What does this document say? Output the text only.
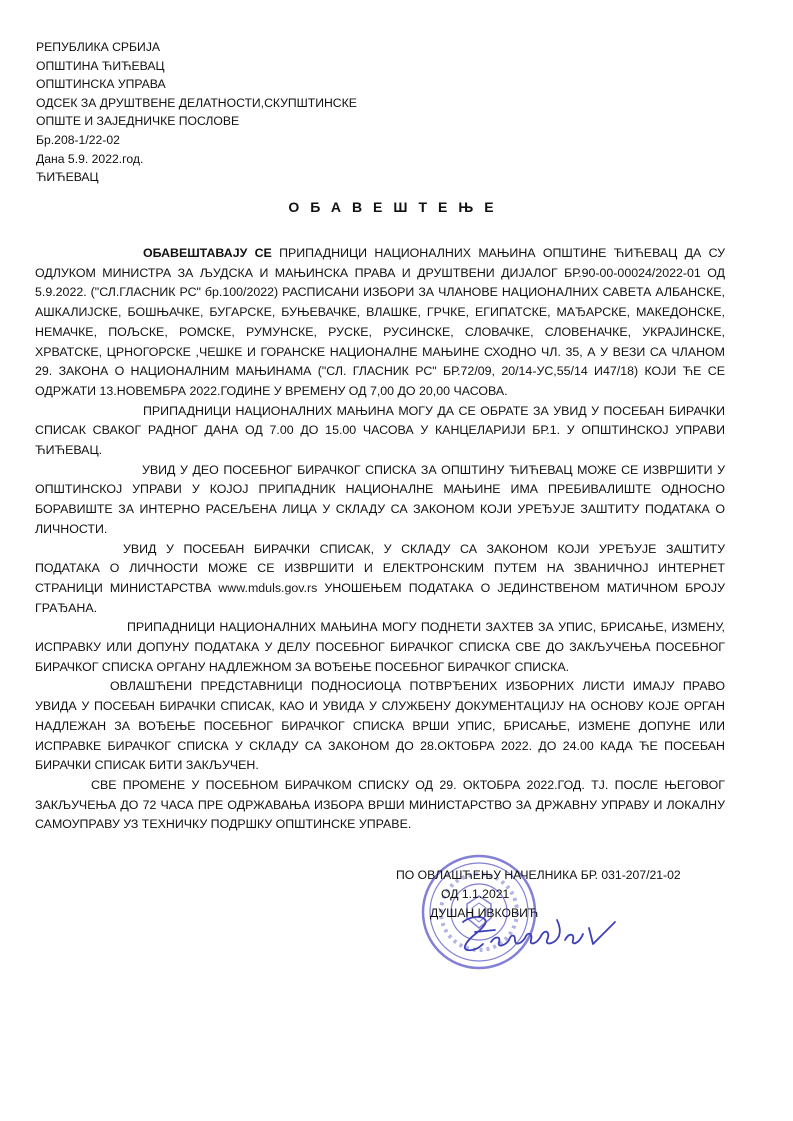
РЕПУБЛИКА СРБИЈА
ОПШТИНА ЋИЋЕВАЦ
ОПШТИНСКА УПРАВА
ОДСЕК ЗА ДРУШТВЕНЕ ДЕЛАТНОСТИ,СКУПШТИНСКЕ
ОПШТЕ И ЗАЈЕДНИЧКЕ ПОСЛОВЕ
Бр.208-1/22-02
Дана 5.9. 2022.год.
ЋИЋЕВАЦ
ОБАВЕШТЕЊЕ

ОБАВЕШТАВАЈУ СЕ ПРИПАДНИЦИ НАЦИОНАЛНИХ МАЊИНА ОПШТИНЕ ЋИЋЕВАЦ ДА СУ ОДЛУКОМ МИНИСТРА ЗА ЉУДСКА И МАЊИНСКА ПРАВА И ДРУШТВЕНИ ДИЈАЛОГ БР.90-00-00024/2022-01 ОД 5.9.2022. ("СЛ.ГЛАСНИК РС" бр.100/2022) РАСПИСАНИ ИЗБОРИ ЗА ЧЛАНОВЕ НАЦИОНАЛНИХ САВЕТА АЛБАНСКЕ, АШКАЛИЈСКЕ, БОШЊАЧКЕ, БУГАРСКЕ, БУЊЕВАЧКЕ, ВЛАШКЕ, ГРЧКЕ, ЕГИПАТСКЕ, МАЂАРСКЕ, МАКЕДОНСКЕ, НЕМАЧКЕ, ПОЉСКЕ, РОМСКЕ, РУМУНСКЕ, РУСКЕ, РУСИНСКЕ, СЛОВАЧКЕ, СЛОВЕНАЧКЕ, УКРАЈИНСКЕ, ХРВАТСКЕ, ЦРНОГОРСКЕ ,ЧЕШКЕ И ГОРАНСКЕ НАЦИОНАЛНЕ МАЊИНЕ СХОДНО ЧЛ. 35, А У ВЕЗИ СА ЧЛАНОМ 29. ЗАКОНА О НАЦИОНАЛНИМ МАЊИНАМА ("СЛ. ГЛАСНИК РС" БР.72/09, 20/14-УС,55/14 И47/18) КОЈИ ЋЕ СЕ ОДРЖАТИ 13.НОВЕМБРА 2022.ГОДИНЕ У ВРЕМЕНУ ОД 7,00 ДО 20,00 ЧАСОВА.

ПРИПАДНИЦИ НАЦИОНАЛНИХ МАЊИНА МОГУ ДА СЕ ОБРАТЕ ЗА УВИД У ПОСЕБАН БИРАЧКИ СПИСАК СВАКОГ РАДНОГ ДАНА ОД 7.00 ДО 15.00 ЧАСОВА У КАНЦЕЛАРИЈИ БР.1. У ОПШТИНСКОЈ УПРАВИ ЋИЋЕВАЦ.

УВИД У ДЕО ПОСЕБНОГ БИРАЧКОГ СПИСКА ЗА ОПШТИНУ ЋИЋЕВАЦ МОЖЕ СЕ ИЗВРШИТИ У ОПШТИНСКОЈ УПРАВИ У КОЈОЈ ПРИПАДНИК НАЦИОНАЛНЕ МАЊИНЕ ИМА ПРЕБИВАЛИШТЕ ОДНОСНО БОРАВИШТЕ ЗА ИНТЕРНО РАСЕЉЕНА ЛИЦА У СКЛАДУ СА ЗАКОНОМ КОЈИ УРЕЂУЈЕ ЗАШТИТУ ПОДАТАКА О ЛИЧНОСТИ.

УВИД У ПОСЕБАН БИРАЧКИ СПИСАК, У СКЛАДУ СА ЗАКОНОМ КОЈИ УРЕЂУЈЕ ЗАШТИТУ ПОДАТАКА О ЛИЧНОСТИ МОЖЕ СЕ ИЗВРШИТИ И ЕЛЕКТРОНСКИМ ПУТЕМ НА ЗВАНИЧНОЈ ИНТЕРНЕТ СТРАНИЦИ МИНИСТАРСТВА www.mduls.gov.rs УНОШЕЊЕМ ПОДАТАКА О ЈЕДИНСТВЕНОМ МАТИЧНОМ БРОЈУ ГРАЂАНА.

ПРИПАДНИЦИ НАЦИОНАЛНИХ МАЊИНА МОГУ ПОДНЕТИ ЗАХТЕВ ЗА УПИС, БРИСАЊЕ, ИЗМЕНУ, ИСПРАВКУ ИЛИ ДОПУНУ ПОДАТАКА У ДЕЛУ ПОСЕБНОГ БИРАЧКОГ СПИСКА СВЕ ДО ЗАКЉУЧЕЊА ПОСЕБНОГ БИРАЧКОГ СПИСКА ОРГАНУ НАДЛЕЖНОМ ЗА ВОЂЕЊЕ ПОСЕБНОГ БИРАЧКОГ СПИСКА.

ОВЛАШЋЕНИ ПРЕДСТАВНИЦИ ПОДНОСИОЦА ПОТВРЂЕНИХ ИЗБОРНИХ ЛИСТИ ИМАЈУ ПРАВО УВИДА У ПОСЕБАН БИРАЧКИ СПИСАК, КАО И УВИДА У СЛУЖБЕНУ ДОКУМЕНТАЦИЈУ НА ОСНОВУ КОЈЕ ОРГАН НАДЛЕЖАН ЗА ВОЂЕЊЕ ПОСЕБНОГ БИРАЧКОГ СПИСКА ВРШИ УПИС, БРИСАЊЕ, ИЗМЕНЕ ДОПУНЕ ИЛИ ИСПРАВКЕ БИРАЧКОГ СПИСКА У СКЛАДУ СА ЗАКОНОМ ДО 28.ОКТОБРА 2022. ДО 24.00 КАДА ЋЕ ПОСЕБАН БИРАЧКИ СПИСАК БИТИ ЗАКЉУЧЕН.

СВЕ ПРОМЕНЕ У ПОСЕБНОМ БИРАЧКОМ СПИСКУ ОД 29. ОКТОБРА 2022.ГОД. ТЈ. ПОСЛЕ ЊЕГОВОГ ЗАКЉУЧЕЊА ДО 72 ЧАСА ПРЕ ОДРЖАВАЊА ИЗБОРА ВРШИ МИНИСТАРСТВО ЗА ДРЖАВНУ УПРАВУ И ЛОКАЛНУ САМОУПРАВУ УЗ ТЕХНИЧКУ ПОДРШКУ ОПШТИНСКЕ УПРАВЕ.

ПО ОВЛАШЋЕЊУ НАЧЕЛНИКА БР. 031-207/21-02
ОД 1.1.2021
ДУШАН ИВКОВИЋ
